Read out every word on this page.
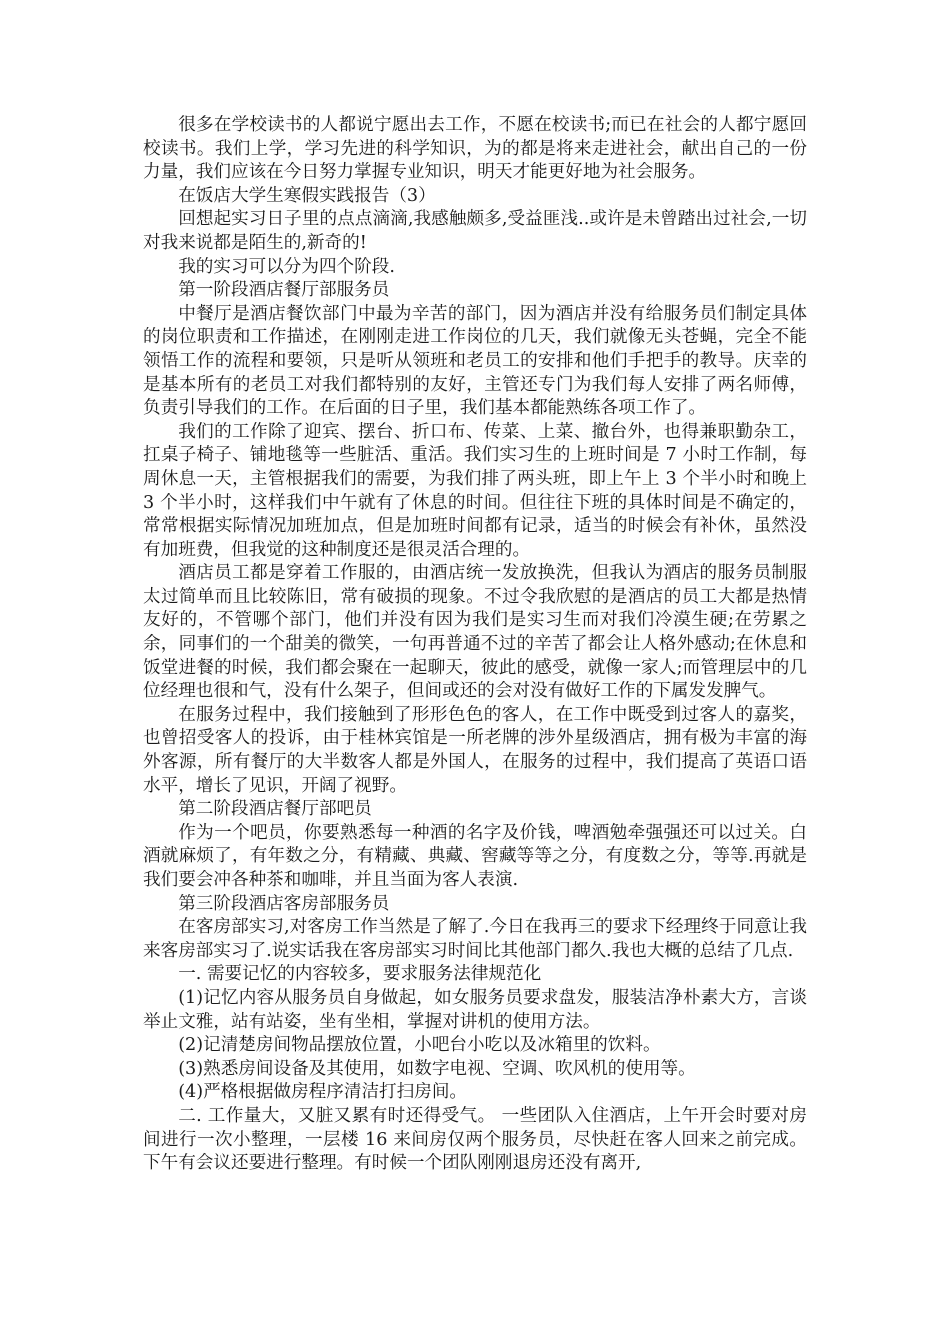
很多在学校读书的人都说宁愿出去工作，不愿在校读书;而已在社会的人都宁愿回校读书。我们上学，学习先进的科学知识，为的都是将来走进社会，献出自己的一份力量，我们应该在今日努力掌握专业知识，明天才能更好地为社会服务。

在饭店大学生寒假实践报告（3）

回想起实习日子里的点点滴滴,我感触颇多,受益匪浅..或许是未曾踏出过社会,一切对我来说都是陌生的,新奇的!

我的实习可以分为四个阶段.

第一阶段酒店餐厅部服务员

中餐厅是酒店餐饮部门中最为辛苦的部门，因为酒店并没有给服务员们制定具体的岗位职责和工作描述，在刚刚走进工作岗位的几天，我们就像无头苍蝇，完全不能领悟工作的流程和要领，只是听从领班和老员工的安排和他们手把手的教导。庆幸的是基本所有的老员工对我们都特别的友好，主管还专门为我们每人安排了两名师傅，负责引导我们的工作。在后面的日子里，我们基本都能熟练各项工作了。

我们的工作除了迎宾、摆台、折口布、传菜、上菜、撤台外，也得兼职勤杂工，扛桌子椅子、铺地毯等一些脏活、重活。我们实习生的上班时间是 7 小时工作制，每周休息一天，主管根据我们的需要，为我们排了两头班，即上午上 3 个半小时和晚上 3 个半小时，这样我们中午就有了休息的时间。但往往下班的具体时间是不确定的，常常根据实际情况加班加点，但是加班时间都有记录，适当的时候会有补休，虽然没有加班费，但我觉的这种制度还是很灵活合理的。

酒店员工都是穿着工作服的，由酒店统一发放换洗，但我认为酒店的服务员制服太过简单而且比较陈旧，常有破损的现象。不过令我欣慰的是酒店的员工大都是热情友好的，不管哪个部门，他们并没有因为我们是实习生而对我们冷漠生硬;在劳累之余，同事们的一个甜美的微笑，一句再普通不过的辛苦了都会让人格外感动;在休息和饭堂进餐的时候，我们都会聚在一起聊天，彼此的感受，就像一家人;而管理层中的几位经理也很和气，没有什么架子，但间或还的会对没有做好工作的下属发发脾气。

在服务过程中，我们接触到了形形色色的客人，在工作中既受到过客人的嘉奖，也曾招受客人的投诉，由于桂林宾馆是一所老牌的涉外星级酒店，拥有极为丰富的海外客源，所有餐厅的大半数客人都是外国人，在服务的过程中，我们提高了英语口语水平，增长了见识，开阔了视野。

第二阶段酒店餐厅部吧员

作为一个吧员，你要熟悉每一种酒的名字及价钱，啤酒勉牵强强还可以过关。白酒就麻烦了，有年数之分，有精藏、典藏、窖藏等等之分，有度数之分，等等.再就是我们要会冲各种茶和咖啡，并且当面为客人表演.

第三阶段酒店客房部服务员

在客房部实习,对客房工作当然是了解了.今日在我再三的要求下经理终于同意让我来客房部实习了.说实话我在客房部实习时间比其他部门都久.我也大概的总结了几点.

一. 需要记忆的内容较多，要求服务法律规范化

(1)记忆内容从服务员自身做起，如女服务员要求盘发，服装洁净朴素大方，言谈举止文雅，站有站姿，坐有坐相，掌握对讲机的使用方法。

(2)记清楚房间物品摆放位置，小吧台小吃以及冰箱里的饮料。

(3)熟悉房间设备及其使用，如数字电视、空调、吹风机的使用等。

(4)严格根据做房程序清洁打扫房间。

二. 工作量大，又脏又累有时还得受气。 一些团队入住酒店，上午开会时要对房间进行一次小整理，一层楼 16 来间房仅两个服务员，尽快赶在客人回来之前完成。下午有会议还要进行整理。有时候一个团队刚刚退房还没有离开,
